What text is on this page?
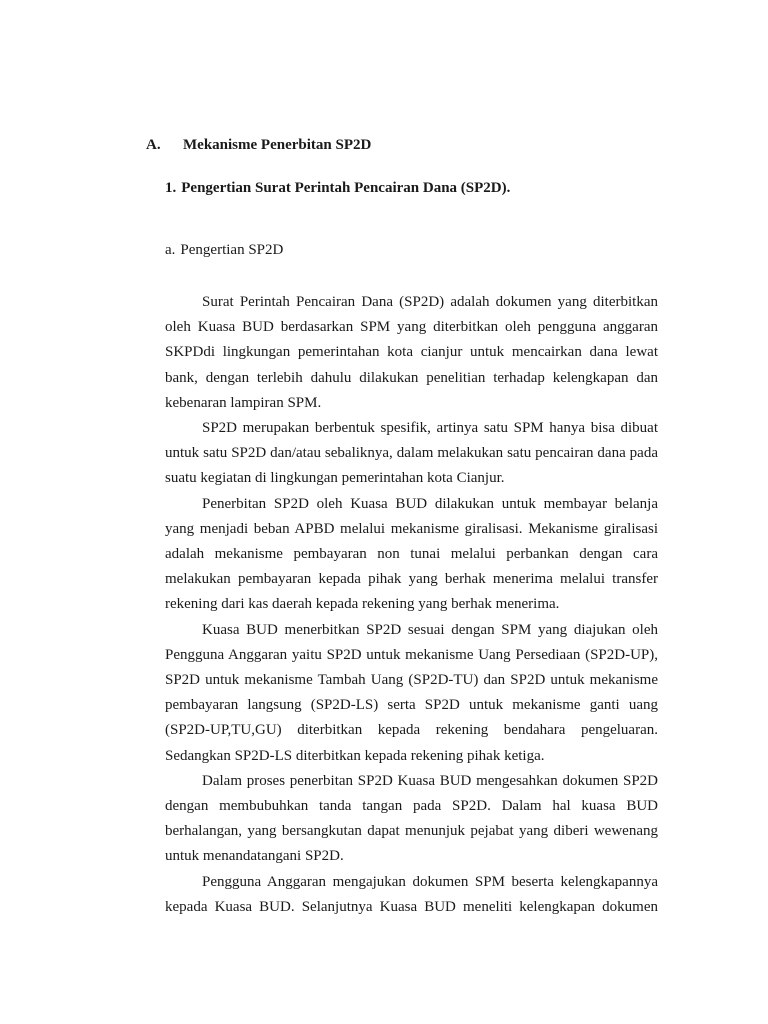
A. Mekanisme Penerbitan SP2D
1. Pengertian Surat Perintah Pencairan Dana (SP2D).
a. Pengertian SP2D

Surat Perintah Pencairan Dana (SP2D) adalah dokumen yang diterbitkan oleh Kuasa BUD berdasarkan SPM yang diterbitkan oleh pengguna anggaran SKPDdi lingkungan pemerintahan kota cianjur untuk mencairkan dana lewat bank, dengan terlebih dahulu dilakukan penelitian terhadap kelengkapan dan kebenaran lampiran SPM.

SP2D merupakan berbentuk spesifik, artinya satu SPM hanya bisa dibuat untuk satu SP2D dan/atau sebaliknya, dalam melakukan satu pencairan dana pada suatu kegiatan di lingkungan pemerintahan kota Cianjur.

Penerbitan SP2D oleh Kuasa BUD dilakukan untuk membayar belanja yang menjadi beban APBD melalui mekanisme giralisasi. Mekanisme giralisasi adalah mekanisme pembayaran non tunai melalui perbankan dengan cara melakukan pembayaran kepada pihak yang berhak menerima melalui transfer rekening dari kas daerah kepada rekening yang berhak menerima.

Kuasa BUD menerbitkan SP2D sesuai dengan SPM yang diajukan oleh Pengguna Anggaran yaitu SP2D untuk mekanisme Uang Persediaan (SP2D-UP), SP2D untuk mekanisme Tambah Uang (SP2D-TU) dan SP2D untuk mekanisme pembayaran langsung (SP2D-LS) serta SP2D untuk mekanisme ganti uang (SP2D-UP,TU,GU) diterbitkan kepada rekening bendahara pengeluaran. Sedangkan SP2D-LS diterbitkan kepada rekening pihak ketiga.

Dalam proses penerbitan SP2D Kuasa BUD mengesahkan dokumen SP2D dengan membubuhkan tanda tangan pada SP2D. Dalam hal kuasa BUD berhalangan, yang bersangkutan dapat menunjuk pejabat yang diberi wewenang untuk menandatangani SP2D.

Pengguna Anggaran mengajukan dokumen SPM beserta kelengkapannya kepada Kuasa BUD. Selanjutnya Kuasa BUD meneliti kelengkapan dokumen
